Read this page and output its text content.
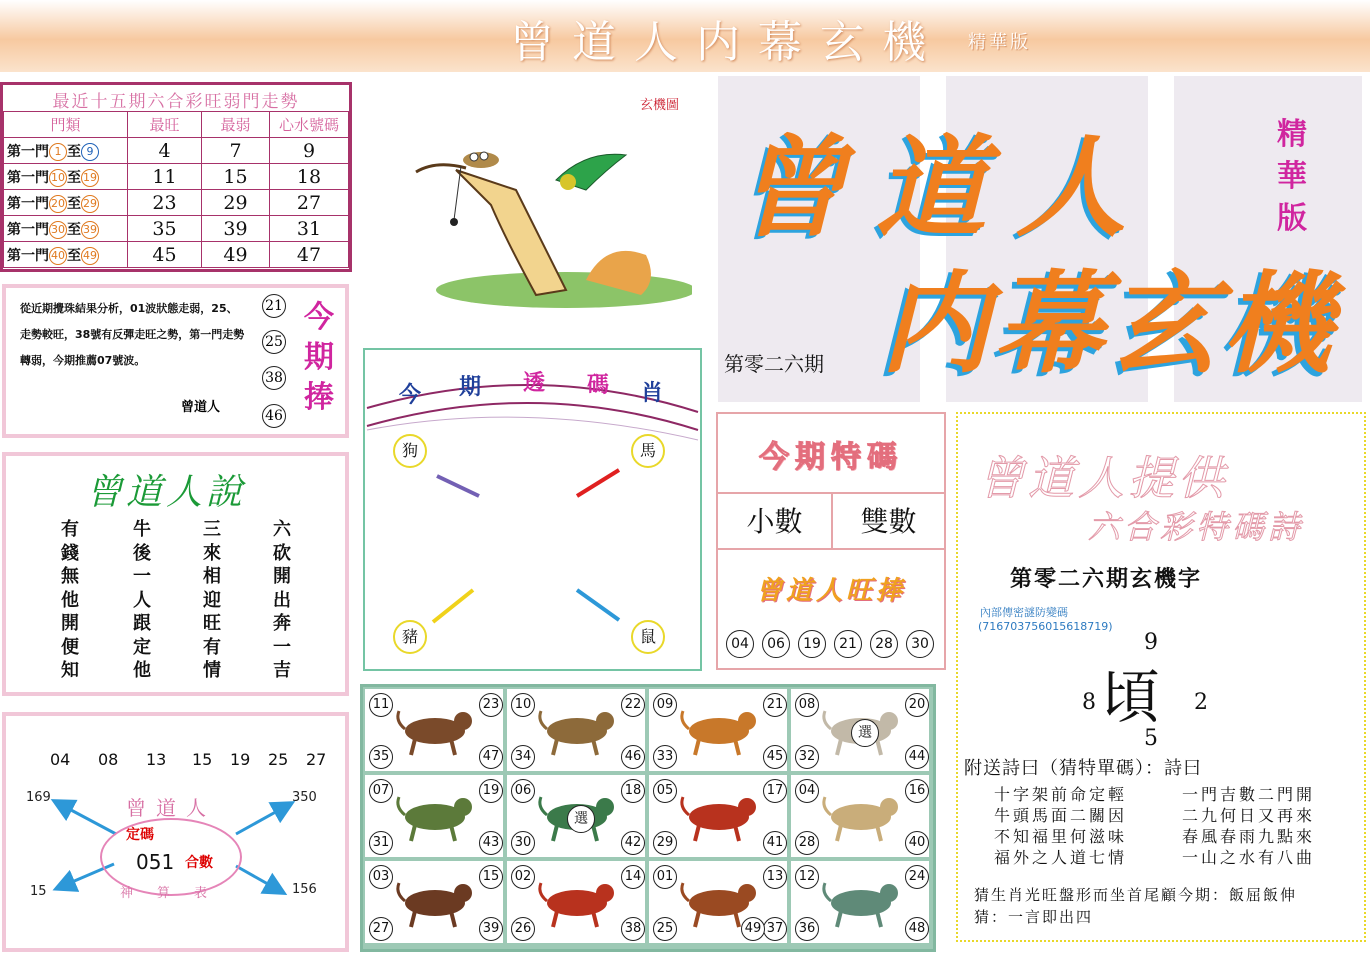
曾道人内幕玄機 精華版
最近十五期六合彩旺弱門走勢
門類	最旺	最弱	心水號碼
第一門 1 至 9	4	7	9
第一門 10 至 19	11	15	18
第一門 20 至 29	23	29	27
第一門 30 至 39	35	39	31
第一門 40 至 49	45	49	47
從近期攪珠結果分析，01波狀態走弱，25、走勢較旺，38號有反彈走旺之勢，第一門走勢轉弱，今期推薦07號波。
曾道人
21
25
38
46
今期捧
曾道人說
有錢無他開便知
牛後一人跟定他
三來相迎旺有情
六砍開出奔一吉
04 08 13 15 19 25 27
169	350
15	156
曾道人
定碼
051 合數
神算表
玄機圖
今 期 透 碼 肖
狗	馬
豬	鼠
曾道人
内幕玄機
精華版
第零二六期
今期特碼
小數	雙數
曾道人旺捧
04	06	19	21	28	30
曾道人提供
六合彩特碼詩
第零二六期玄機字
內部傳密謎防變碼
(716703756015618719)
9
8	2
5
頃
附送詩曰（猜特單碼）：詩曰
十字架前命定輕
牛頭馬面二關因
不知福里何滋味
福外之人道七情
一門吉數二門開
二九何日又再來
春風春雨九點來
一山之水有八曲
猜生肖光旺盤形而坐首尾顧今期：飯屈飯伸
猜：一言即出四
11	23
35	47
10	22
34	46
09	21
33	45
08	20
32	44
選
07	19
31	43
06	18
30	42
選
05	17
29	41
04	16
28	40
03	15
27	39
02	14
26	38
01	13
25	37
49
12	24
36	48
